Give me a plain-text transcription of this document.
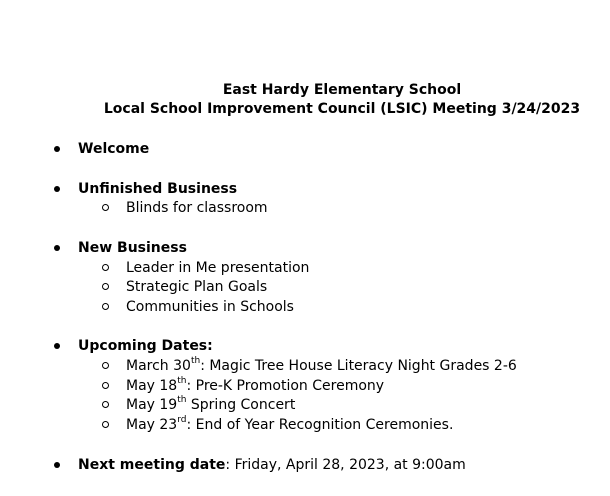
East Hardy Elementary School
Local School Improvement Council (LSIC) Meeting 3/24/2023
Welcome
Unfinished Business
Blinds for classroom
New Business
Leader in Me presentation
Strategic Plan Goals
Communities in Schools
Upcoming Dates:
March 30th: Magic Tree House Literacy Night Grades 2-6
May 18th: Pre-K Promotion Ceremony
May 19th Spring Concert
May 23rd: End of Year Recognition Ceremonies.
Next meeting date: Friday, April 28, 2023, at 9:00am
